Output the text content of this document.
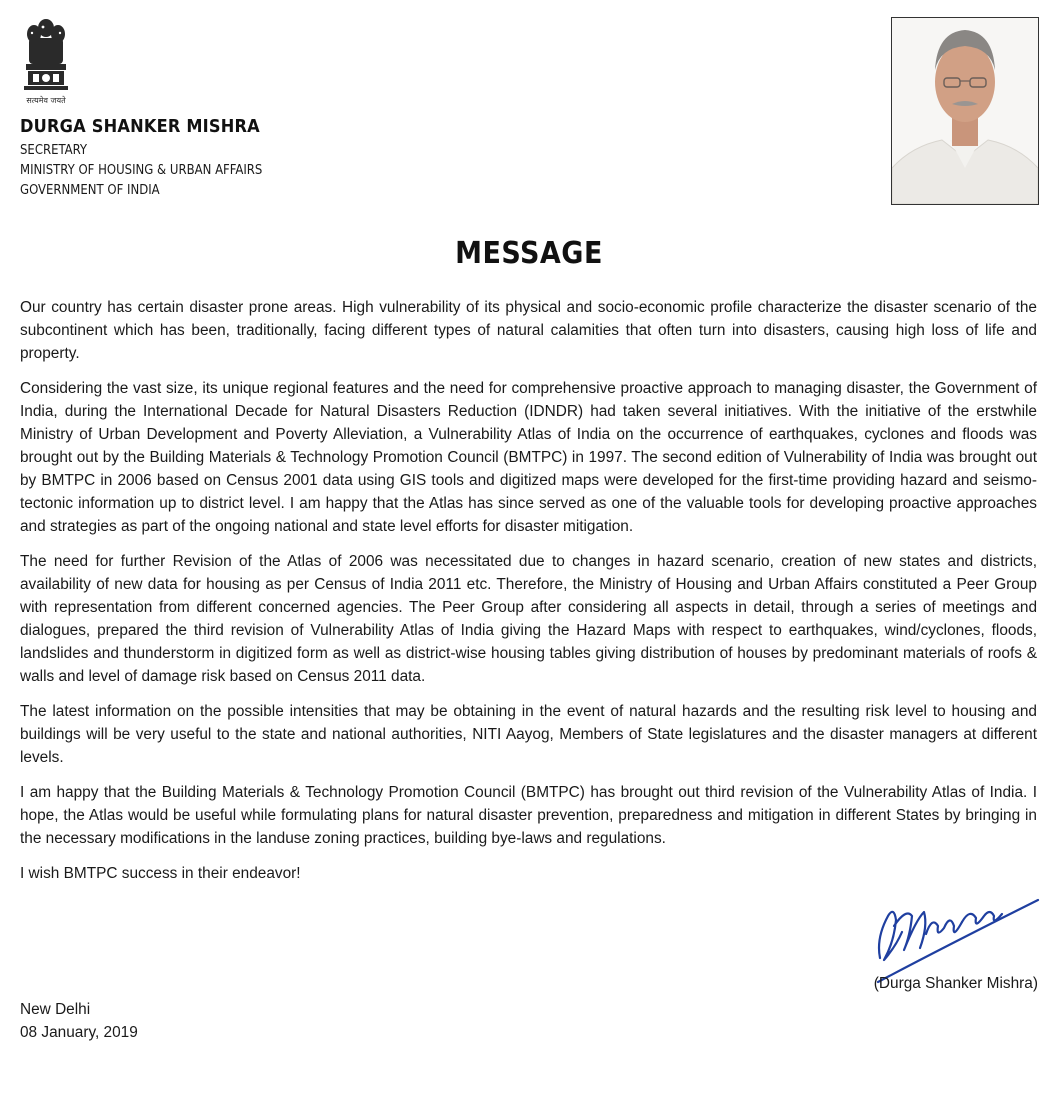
सत्यमेव जयते
DURGA SHANKER MISHRA
SECRETARY
MINISTRY OF HOUSING & URBAN AFFAIRS
GOVERNMENT OF INDIA
MESSAGE

Our country has certain disaster prone areas. High vulnerability of its physical and socio-economic profile characterize the disaster scenario of the subcontinent which has been, traditionally, facing different types of natural calamities that often turn into disasters, causing high loss of life and property.

Considering the vast size, its unique regional features and the need for comprehensive proactive approach to managing disaster, the Government of India, during the International Decade for Natural Disasters Reduction (IDNDR) had taken several initiatives. With the initiative of the erstwhile Ministry of Urban Development and Poverty Alleviation, a Vulnerability Atlas of India on the occurrence of earthquakes, cyclones and floods was brought out by the Building Materials & Technology Promotion Council (BMTPC) in 1997. The second edition of Vulnerability of India was brought out by BMTPC in 2006 based on Census 2001 data using GIS tools and digitized maps were developed for the first-time providing hazard and seismo-tectonic information up to district level. I am happy that the Atlas has since served as one of the valuable tools for developing proactive approaches and strategies as part of the ongoing national and state level efforts for disaster mitigation.

The need for further Revision of the Atlas of 2006 was necessitated due to changes in hazard scenario, creation of new states and districts, availability of new data for housing as per Census of India 2011 etc. Therefore, the Ministry of Housing and Urban Affairs constituted a Peer Group with representation from different concerned agencies. The Peer Group after considering all aspects in detail, through a series of meetings and dialogues, prepared the third revision of Vulnerability Atlas of India giving the Hazard Maps with respect to earthquakes, wind/cyclones, floods, landslides and thunderstorm in digitized form as well as district-wise housing tables giving distribution of houses by predominant materials of roofs & walls and level of damage risk based on Census 2011 data.

The latest information on the possible intensities that may be obtaining in the event of natural hazards and the resulting risk level to housing and buildings will be very useful to the state and national authorities, NITI Aayog, Members of State legislatures and the disaster managers at different levels.

I am happy that the Building Materials & Technology Promotion Council (BMTPC) has brought out third revision of the Vulnerability Atlas of India. I hope, the Atlas would be useful while formulating plans for natural disaster prevention, preparedness and mitigation in different States by bringing in the necessary modifications in the landuse zoning practices, building bye-laws and regulations.

I wish BMTPC success in their endeavor!

(Durga Shanker Mishra)
New Delhi
08 January, 2019
